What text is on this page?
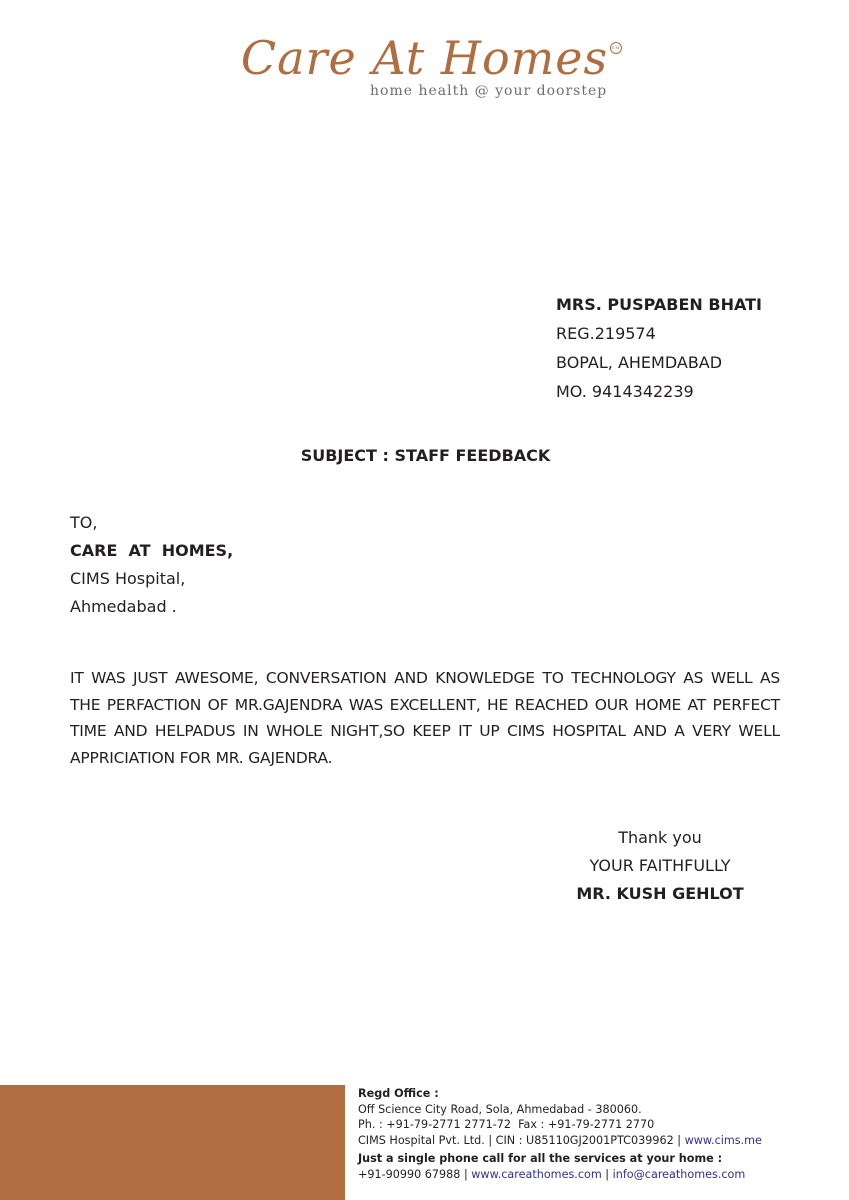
Care At Homes SM
home health @ your doorstep
MRS. PUSPABEN BHATI
REG.219574
BOPAL, AHEMDABAD
MO. 9414342239
SUBJECT : STAFF FEEDBACK
TO,
CARE  AT  HOMES,
CIMS Hospital,
Ahmedabad .
IT WAS JUST AWESOME, CONVERSATION AND KNOWLEDGE TO TECHNOLOGY AS WELL AS THE PERFACTION OF MR.GAJENDRA WAS EXCELLENT, HE REACHED OUR HOME AT PERFECT TIME AND HELPADUS IN WHOLE NIGHT,SO KEEP IT UP CIMS HOSPITAL AND A VERY WELL APPRICIATION FOR MR. GAJENDRA.
Thank you
YOUR FAITHFULLY
MR. KUSH GEHLOT
Regd Office :
Off Science City Road, Sola, Ahmedabad - 380060.
Ph. : +91-79-2771 2771-72  Fax : +91-79-2771 2770
CIMS Hospital Pvt. Ltd. | CIN : U85110GJ2001PTC039962 | www.cims.me
Just a single phone call for all the services at your home :
+91-90990 67988 | www.careathomes.com | info@careathomes.com
